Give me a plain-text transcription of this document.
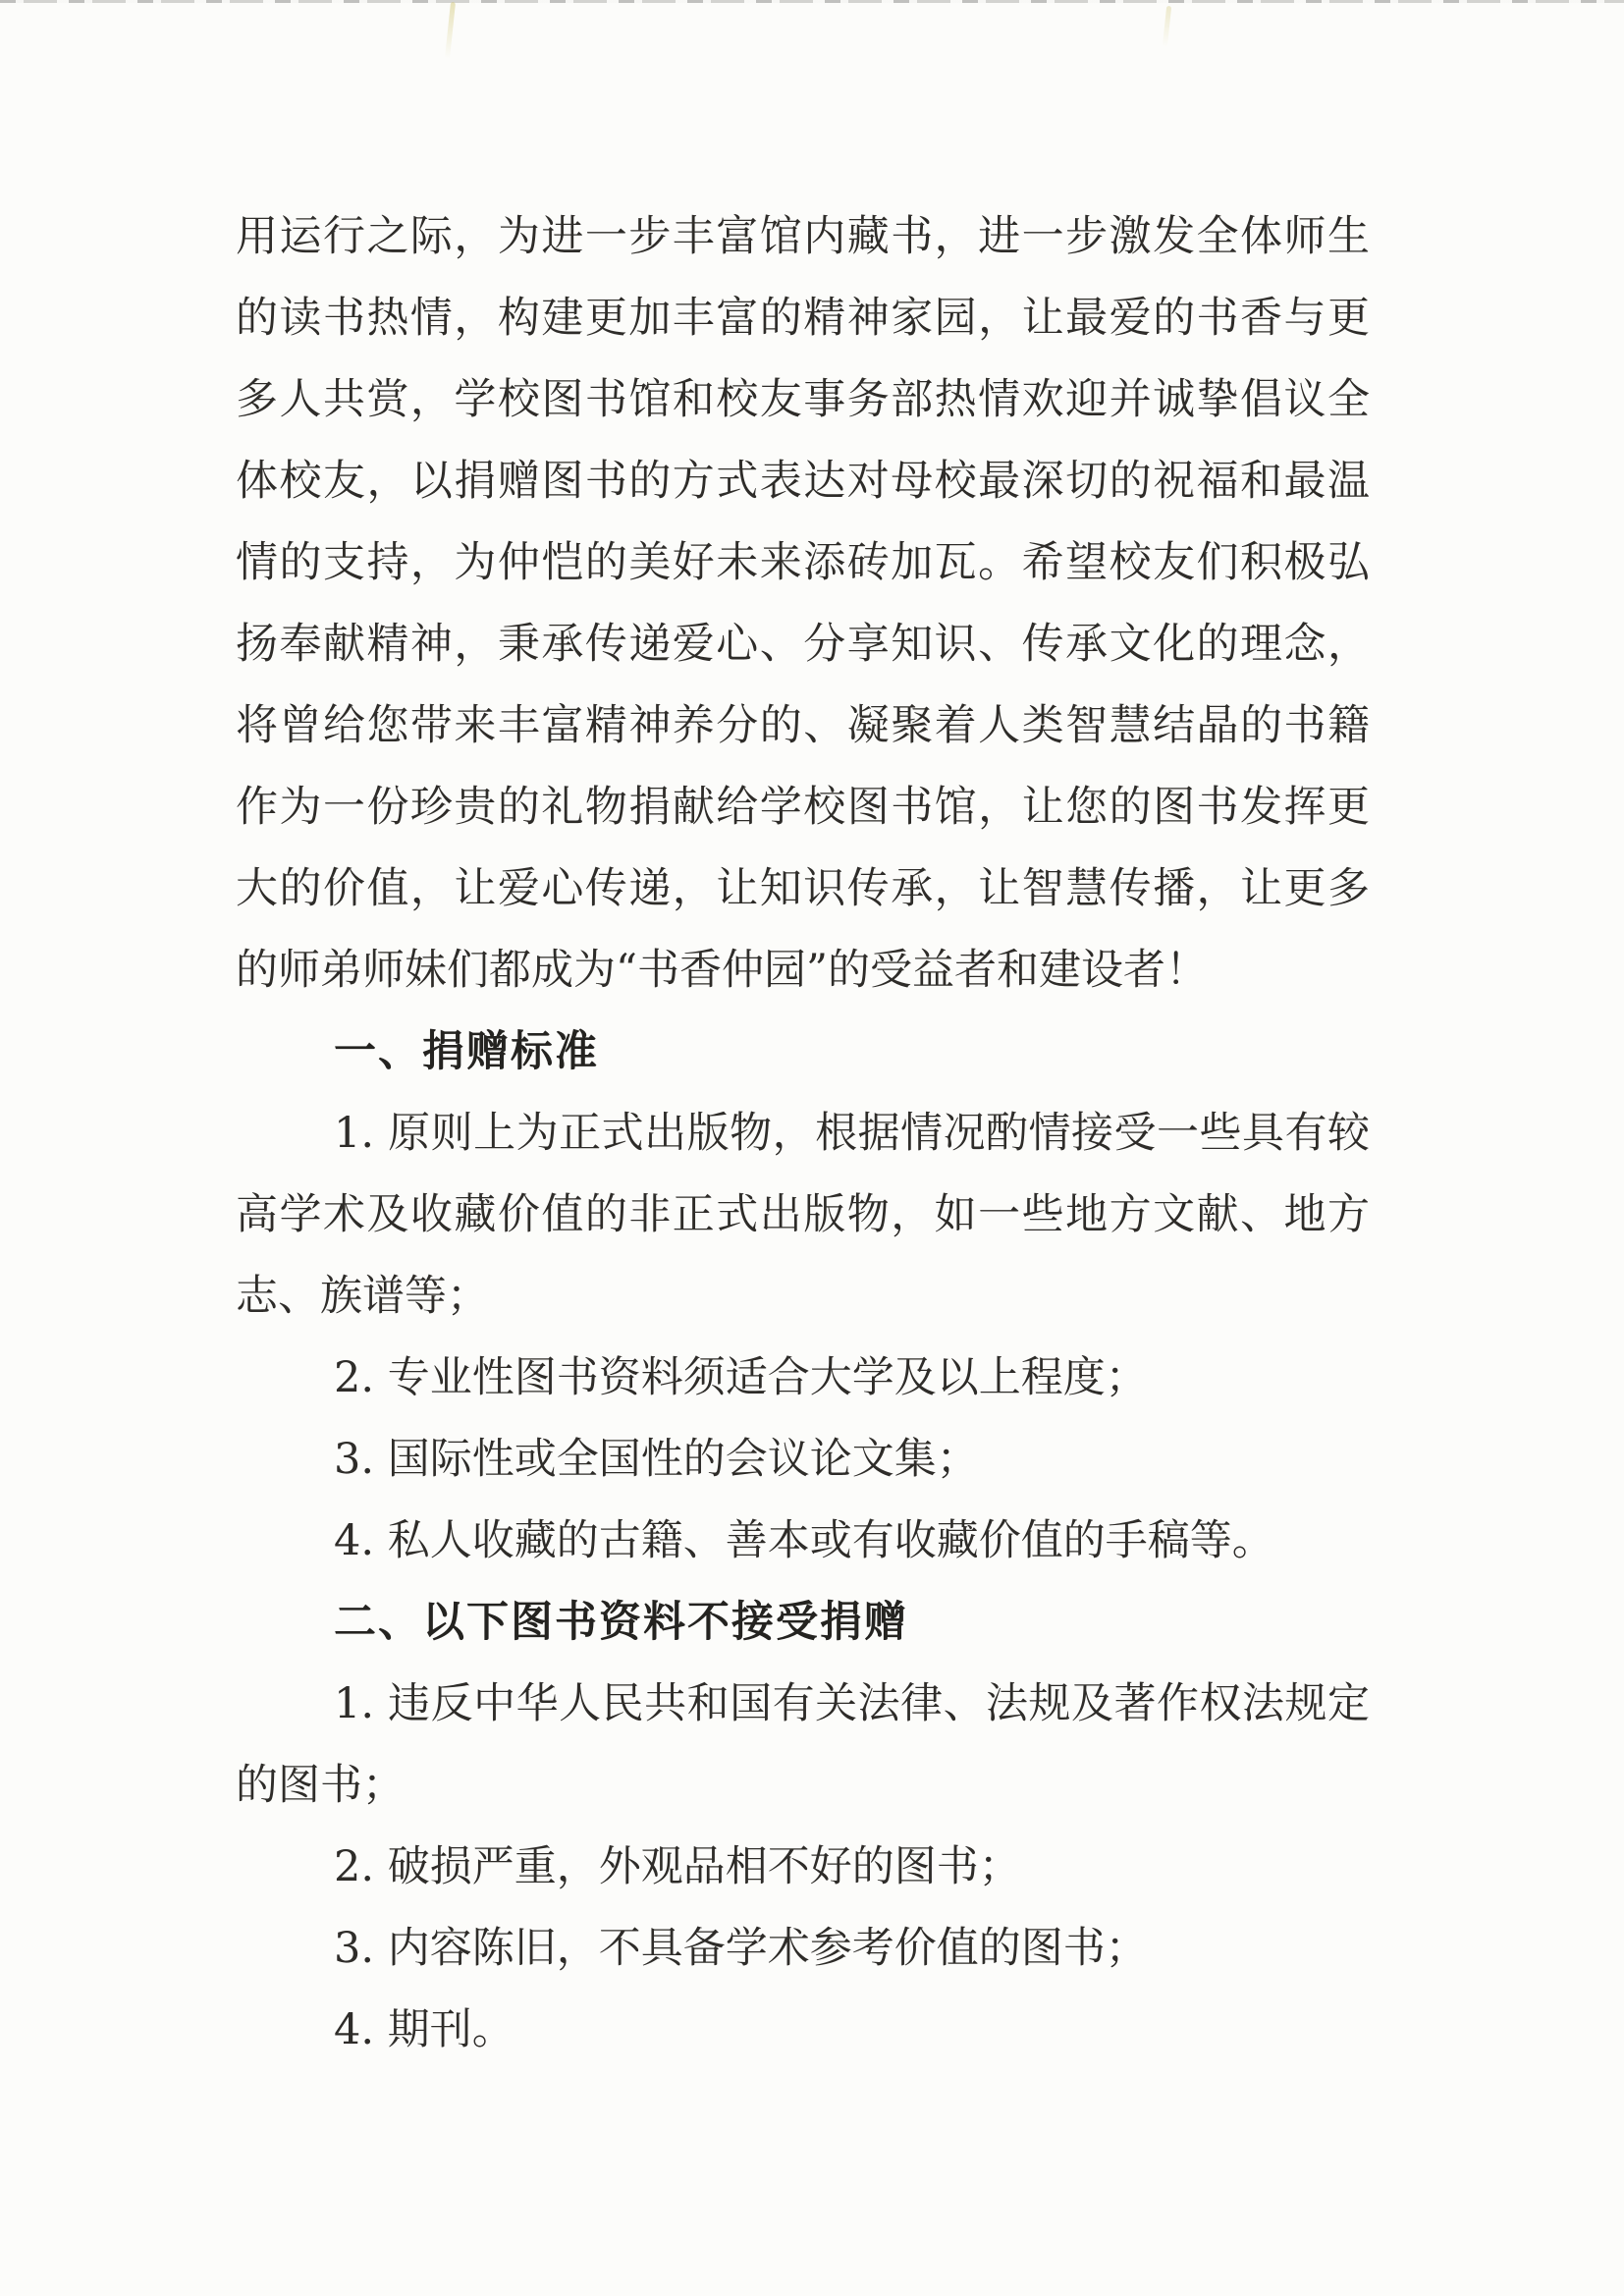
用运行之际，为进一步丰富馆内藏书，进一步激发全体师生
的读书热情，构建更加丰富的精神家园，让最爱的书香与更
多人共赏，学校图书馆和校友事务部热情欢迎并诚挚倡议全
体校友，以捐赠图书的方式表达对母校最深切的祝福和最温
情的支持，为仲恺的美好未来添砖加瓦。希望校友们积极弘
扬奉献精神，秉承传递爱心、分享知识、传承文化的理念，
将曾给您带来丰富精神养分的、凝聚着人类智慧结晶的书籍
作为一份珍贵的礼物捐献给学校图书馆，让您的图书发挥更
大的价值，让爱心传递，让知识传承，让智慧传播，让更多
的师弟师妹们都成为“书香仲园”的受益者和建设者！
一、捐赠标准
1. 原则上为正式出版物，根据情况酌情接受一些具有较
高学术及收藏价值的非正式出版物，如一些地方文献、地方
志、族谱等；
2. 专业性图书资料须适合大学及以上程度；
3. 国际性或全国性的会议论文集；
4. 私人收藏的古籍、善本或有收藏价值的手稿等。
二、以下图书资料不接受捐赠
1. 违反中华人民共和国有关法律、法规及著作权法规定
的图书；
2. 破损严重，外观品相不好的图书；
3. 内容陈旧，不具备学术参考价值的图书；
4. 期刊。
